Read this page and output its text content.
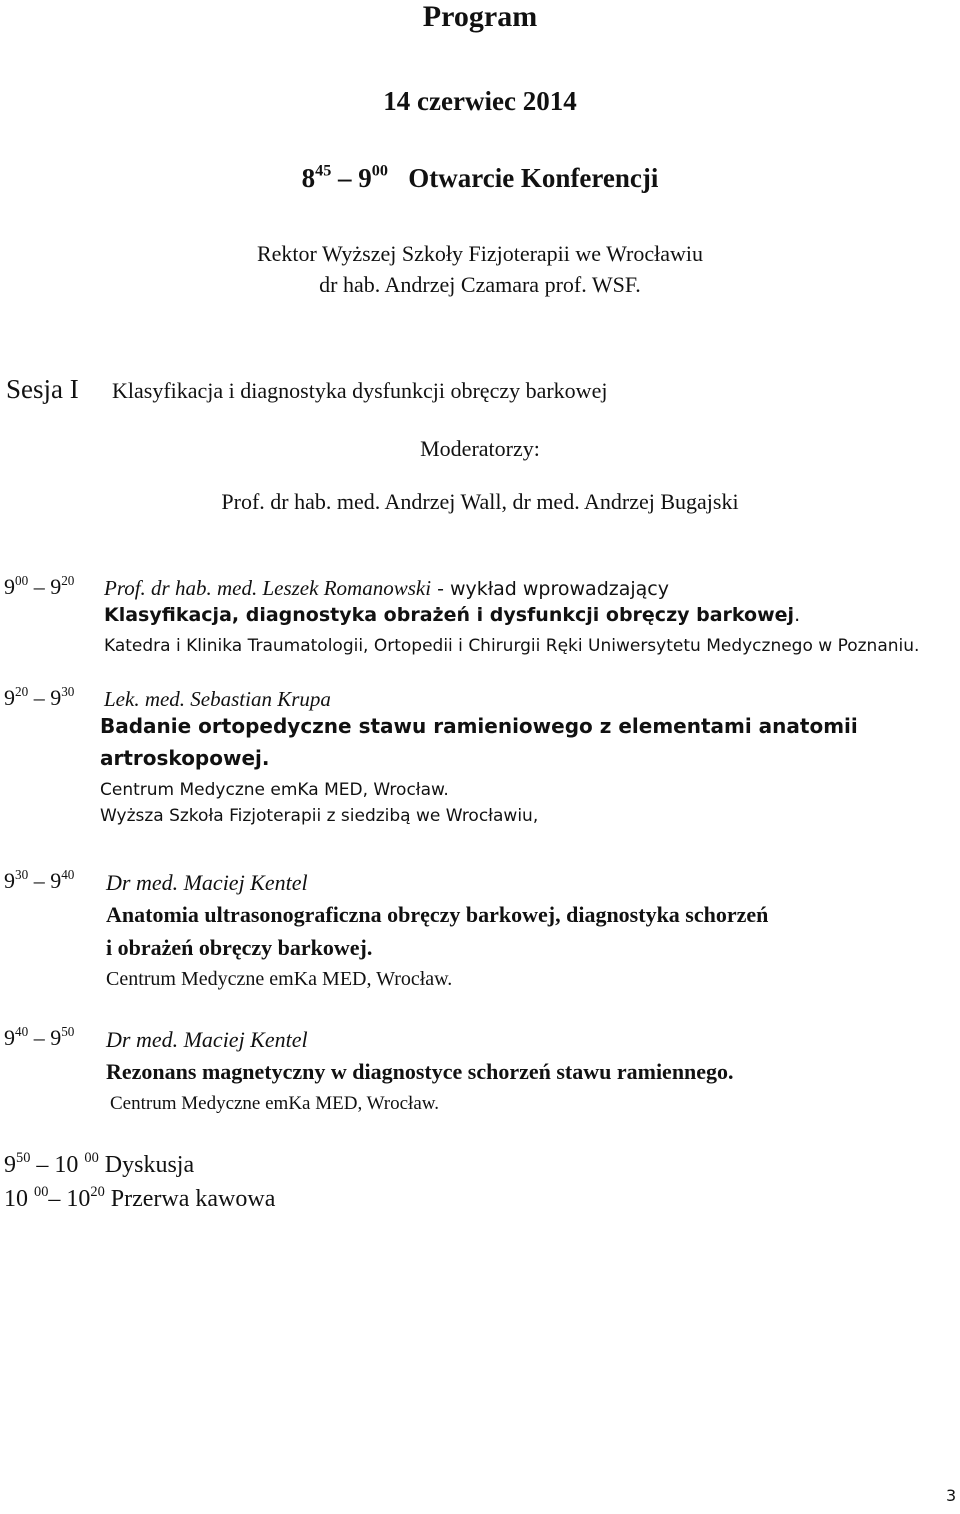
Program
14 czerwiec 2014
$8^{45} - 9^{00}$ Otwarcie Konferencji
Rektor Wyższej Szkoły Fizjoterapii we Wrocławiu
dr hab. Andrzej Czamara prof. WSF.
Sesja I Klasyfikacja i diagnostyka dysfunkcji obręczy barkowej
Moderatorzy:
Prof. dr hab. med. Andrzej Wall, dr med. Andrzej Bugajski
$9^{00} - 9^{20}$ Prof. dr hab. med. Leszek Romanowski - wykład wprowadzający
Klasyfikacja, diagnostyka obrażeń i dysfunkcji obręczy barkowej.
Katedra i Klinika Traumatologii, Ortopedii i Chirurgii Ręki Uniwersytetu Medycznego w Poznaniu.
$9^{20} - 9^{30}$ Lek. med. Sebastian Krupa
Badanie ortopedyczne stawu ramieniowego z elementami anatomii
artroskopowej.
Centrum Medyczne emKa MED, Wrocław.
Wyższa Szkoła Fizjoterapii z siedzibą we Wrocławiu,
$9^{30} - 9^{40}$ Dr med. Maciej Kentel
Anatomia ultrasonograficzna obręczy barkowej, diagnostyka schorzeń
i obrażeń obręczy barkowej.
Centrum Medyczne emKa MED, Wrocław.
$9^{40} - 9^{50}$ Dr med. Maciej Kentel
Rezonans magnetyczny w diagnostyce schorzeń stawu ramiennego.
Centrum Medyczne emKa MED, Wrocław.
$9^{50} - 10$ $^{00}$ Dyskusja
10 $^{00}$– $10^{20}$ Przerwa kawowa
3
